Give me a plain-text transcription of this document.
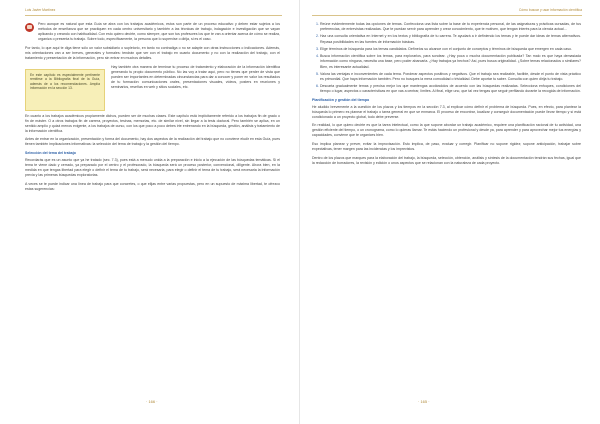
Luis Javier Martínez

Pero aunque es natural que esta Guía se abra con los trabajos académicos, estos son parte de un proceso educativo y deben estar sujetos a los métodos de enseñanza que se practiquen en cada centro universitario y también a las técnicas de trabajo, indagación e investigación que se vayan aplicando y creando con habitualidad. Con esto quiero decirte, como siempre, que son tus profesores los que te van a orientar acerca de cómo se realiza, organiza o presenta tu trabajo. Sobre todo, específicamente, la persona que lo supervise o dirija, si es el caso.

Por tanto, lo que aquí te diga tiene sólo un valor subsidiario o supletorio, en tanto no contradiga o no se adapte con otras instrucciones o indicaciones. Además, mis orientaciones van a ser breves, generales y formales: tendrán que ver con el trabajo en cuanto documento y no con la realización del trabajo, con el tratamiento y presentación de la información, pero sin entrar en muchos detalles.

En este capítulo es especialmente pertinente remitirse a la Bibliografía final de la Guía, además de a los recomendaciones. Amplía información en la sección 13.
Hay también otra manera de terminar tu proceso de tratamiento y elaboración de la información identifica generando tu propio documento público. No las voy a tratar aquí, pero no tienes que perder de vista que pueden ser importantes en determinadas circunstancias para dar a conocer y poner en valor los resultados de tu formación: comunicaciones orales, presentaciones visuales, vídeos, posters en reuniones y seminarios, reseñas en web y sitios sociales, etc.

En cuanto a los trabajos académicos propiamente dichos, pueden ser de muchas clases. Este capítulo está implícitamente referido a los trabajos fin de grado o fin de máster. O a otros trabajos fin de carrera, proyectos, tesinas, memorias, etc. de similar nivel, sin llegar a la tesis doctoral. Pero también se aplica, en un sentido amplio y quizá menos exigente, a los trabajos de curso, con los que poco a poco debes irte entrenando en la búsqueda, gestión, análisis y tratamiento de la información científica.

Antes de entrar en la organización, presentación y forma del documento, hay dos aspectos de la realización del trabajo que no conviene eludir en esta Guía, pues tienen también implicaciones informativas: la selección del tema de trabajo y la gestión del tiempo.

Selección del tema del trabajo

Recordarás que es un asunto que ya he tratado (sec. 7.3), pues está a menudo unida a la preparación e inicio a la ejecución de las búsquedas temáticas. Si el tema te viene dado y cerrado, ya preparado por el centro y el profesorado, la búsqueda será un proceso posterior, convencional, diligente. Ahora bien, en la medida en que tengas libertad para elegir o definir el tema de tu trabajo, será necesaria, para elegir o definir el tema de tu trabajo, será necesaria la información previa y las primeras búsquedas exploratorias.

A veces se te puede indicar una línea de trabajo para que concretes, o que elijas entre varias propuestas, pero en un supuesto de máxima libertad, te ofrezco estas sugerencias:

· 166 ·
Cómo buscar y usar información científica
1. Reúne evidentemente todas las opciones de temas. Confecciona una lista sobre la base de tu experiencia personal, de las asignaturas y prácticas cursadas, de tus preferencias, de entrevistas realizadas. Que te puedan servir para aprender y crear conocimiento, que te motiven, que tengan interés para la ciencia actual…
2. Haz una consulta orientativa en Internet y en los textos y bibliografía de tu carrera. Te ayudará a ir definiendo los temas y te puede dar ideas de temas alternativos. Repasa posibilidades en las fuentes de información básicas.
3. Elige términos de búsqueda para los temas candidatos. Defínelos su alcance con el conjunto de conceptos y términos de búsqueda que emergen en cada caso.
4. Busca información científica sobre los temas, para explorarlos, para sondear. ¿Hay poca o mucha documentación publicada? Tan malo es que haya demasiada información como ninguna, necesita una base, pero poder abarcarla. ¿Hay trabajos ya hechos? Así, pues busca originalidad. ¿Sobre temas relacionados o similares? Bien, es interesante actualidad.
5. Valora las ventajas e inconvenientes de cada tema. Ponderar aspectos positivos y negativos. Que el trabajo sea realizable, factible, desde el punto de vista práctico es primordial. Que haya información también. Pero no busques la mera comodidad o trivialidad. Debe aportar tu saber. Consulta con quien dirija tu trabajo.
6. Descarta gradualmente temas y precisa mejor los que mantengas acotándolos de acuerdo con las búsquedas realizadas. Selecciona enfoques, condiciones del tiempo o lugar, aspectos o características en que vas a centrar, límites. Al final, elige uno, que tal vez tengas que seguir perfilando durante la recogida de información.
Planificación y gestión del tiempo

He aludido brevemente a la cuestión de los plazos y los tiempos en la sección 7.3, al explicar cómo definir el problema de búsqueda. Pues, en efecto, para plantear la búsqueda lo primero es planear el trabajo o tarea general en que se enmarca. El proceso de encontrar, localizar y conseguir documentación puede llevar tiempo y sí está condicionado a un proyecto global, todo debe preverse.

En realidad, lo que quiero decirte es que la tarea intelectual, como la que supone abordar un trabajo académico, requiere una planificación racional de tu actividad, una gestión eficiente del tiempo, o un cronograma, como lo quieras llamar. Te estás haciendo un profesional y desde ya, para aprender y para aprovechar mejor tus energías y capacidades, conviene que te organices bien.

Eso implica planear y prever, evitar la improvisación. Esto implica, de paso, evaluar y corregir. Planificar no supone rigidez; supone anticipación, trabajar sobre expectativas, tener margen para las incidencias y los imprevistos.

Dentro de los plazos que marques para la elaboración del trabajo, la búsqueda, selección, obtención, análisis y síntesis de la documentación tendrán sus fechas, igual que la redacción de borradores, la revisión y edición o unos aspectos que se relacionan con la naturaleza de cada proyecto.

· 165 ·
